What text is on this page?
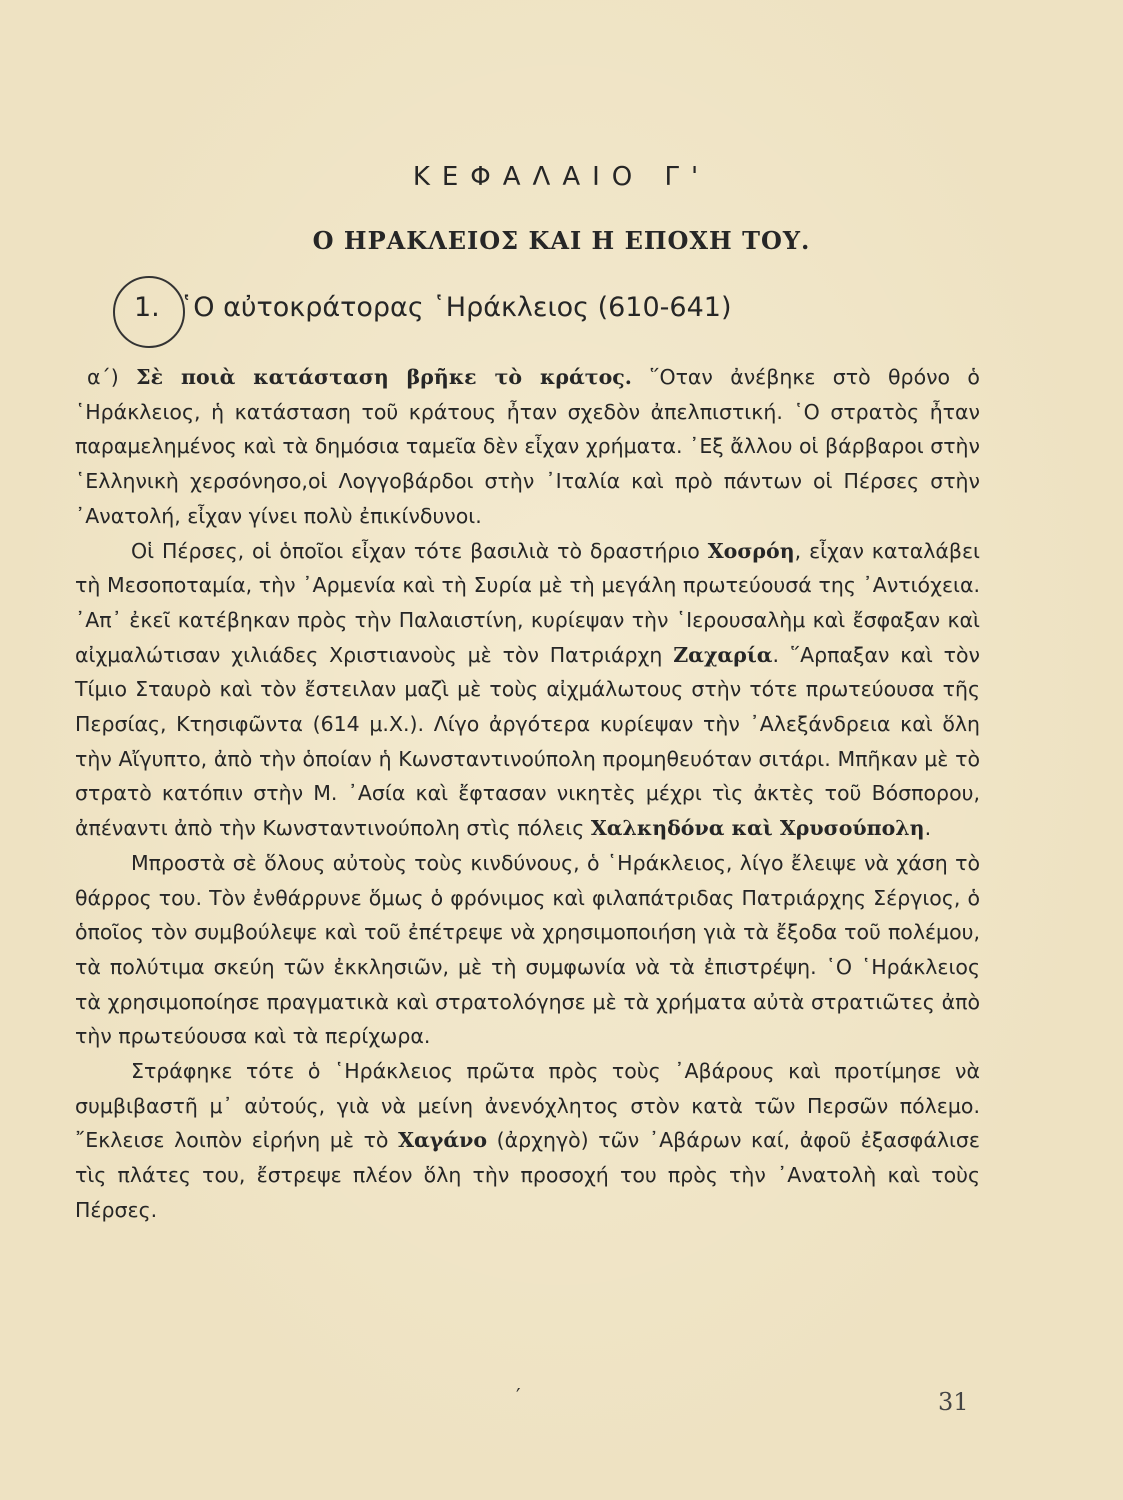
ΚΕΦΑΛΑΙΟ Γ'
Ο ΗΡΑΚΛΕΙΟΣ ΚΑΙ Η ΕΠΟΧΗ ΤΟΥ.
1. ῾Ο αὐτοκράτορας ῾Ηράκλειος (610-641)

α΄) Σὲ ποιὰ κατάσταση βρῆκε τὸ κράτος. ῞Οταν ἀνέβηκε στὸ θρόνο ὁ ῾Ηράκλειος, ἡ κατάσταση τοῦ κράτους ἦταν σχεδὸν ἀπελπιστική. ῾Ο στρατὸς ἦταν παραμελημένος καὶ τὰ δημόσια ταμεῖα δὲν εἶχαν χρήματα. ᾽Εξ ἄλλου οἱ βάρβαροι στὴν ῾Ελληνικὴ χερσόνησο,οἱ Λογγοβάρδοι στὴν ᾽Ιταλία καὶ πρὸ πάντων οἱ Πέρσες στὴν ᾽Ανατολή, εἶχαν γίνει πολὺ ἐπικίνδυνοι.

Οἱ Πέρσες, οἱ ὁποῖοι εἶχαν τότε βασιλιὰ τὸ δραστήριο Χοσρόη, εἶχαν καταλάβει τὴ Μεσοποταμία, τὴν ᾽Αρμενία καὶ τὴ Συρία μὲ τὴ μεγάλη πρωτεύουσά της ᾽Αντιόχεια. ᾽Απ᾽ ἐκεῖ κατέβηκαν πρὸς τὴν Παλαιστίνη, κυρίεψαν τὴν ῾Ιερουσαλὴμ καὶ ἔσφαξαν καὶ αἰχμαλώτισαν χιλιάδες Χριστιανοὺς μὲ τὸν Πατριάρχη Ζαχαρία. ῞Αρπαξαν καὶ τὸν Τίμιο Σταυρὸ καὶ τὸν ἔστειλαν μαζὶ μὲ τοὺς αἰχμάλωτους στὴν τότε πρωτεύουσα τῆς Περσίας, Κτησιφῶντα (614 μ.Χ.). Λίγο ἀργότερα κυρίεψαν τὴν ᾽Αλεξάνδρεια καὶ ὅλη τὴν Αἴγυπτο, ἀπὸ τὴν ὁποίαν ἡ Κωνσταντινούπολη προμηθευόταν σιτάρι. Μπῆκαν μὲ τὸ στρατὸ κατόπιν στὴν Μ. ᾽Ασία καὶ ἔφτασαν νικητὲς μέχρι τὶς ἀκτὲς τοῦ Βόσπορου, ἀπέναντι ἀπὸ τὴν Κωνσταντινούπολη στὶς πόλεις Χαλκηδόνα καὶ Χρυσούπολη.

Μπροστὰ σὲ ὅλους αὐτοὺς τοὺς κινδύνους, ὁ ῾Ηράκλειος, λίγο ἔλειψε νὰ χάση τὸ θάρρος του. Τὸν ἐνθάρρυνε ὅμως ὁ φρόνιμος καὶ φιλαπάτριδας Πατριάρχης Σέργιος, ὁ ὁποῖος τὸν συμβούλεψε καὶ τοῦ ἐπέτρεψε νὰ χρησιμοποιήση γιὰ τὰ ἔξοδα τοῦ πολέμου, τὰ πολύτιμα σκεύη τῶν ἐκκλησιῶν, μὲ τὴ συμφωνία νὰ τὰ ἐπιστρέψη. ῾Ο ῾Ηράκλειος τὰ χρησιμοποίησε πραγματικὰ καὶ στρατολόγησε μὲ τὰ χρήματα αὐτὰ στρατιῶτες ἀπὸ τὴν πρωτεύουσα καὶ τὰ περίχωρα.

Στράφηκε τότε ὁ ῾Ηράκλειος πρῶτα πρὸς τοὺς ᾽Αβάρους καὶ προτίμησε νὰ συμβιβαστῆ μ᾽ αὐτούς, γιὰ νὰ μείνη ἀνενόχλητος στὸν κατὰ τῶν Περσῶν πόλεμο. ῎Εκλεισε λοιπὸν εἰρήνη μὲ τὸ Χαγάνο (ἀρχηγὸ) τῶν ᾽Αβάρων καί, ἀφοῦ ἐξασφάλισε τὶς πλάτες του, ἔστρεψε πλέον ὅλη τὴν προσοχή του πρὸς τὴν ᾽Ανατολὴ καὶ τοὺς Πέρσες.

′	31
